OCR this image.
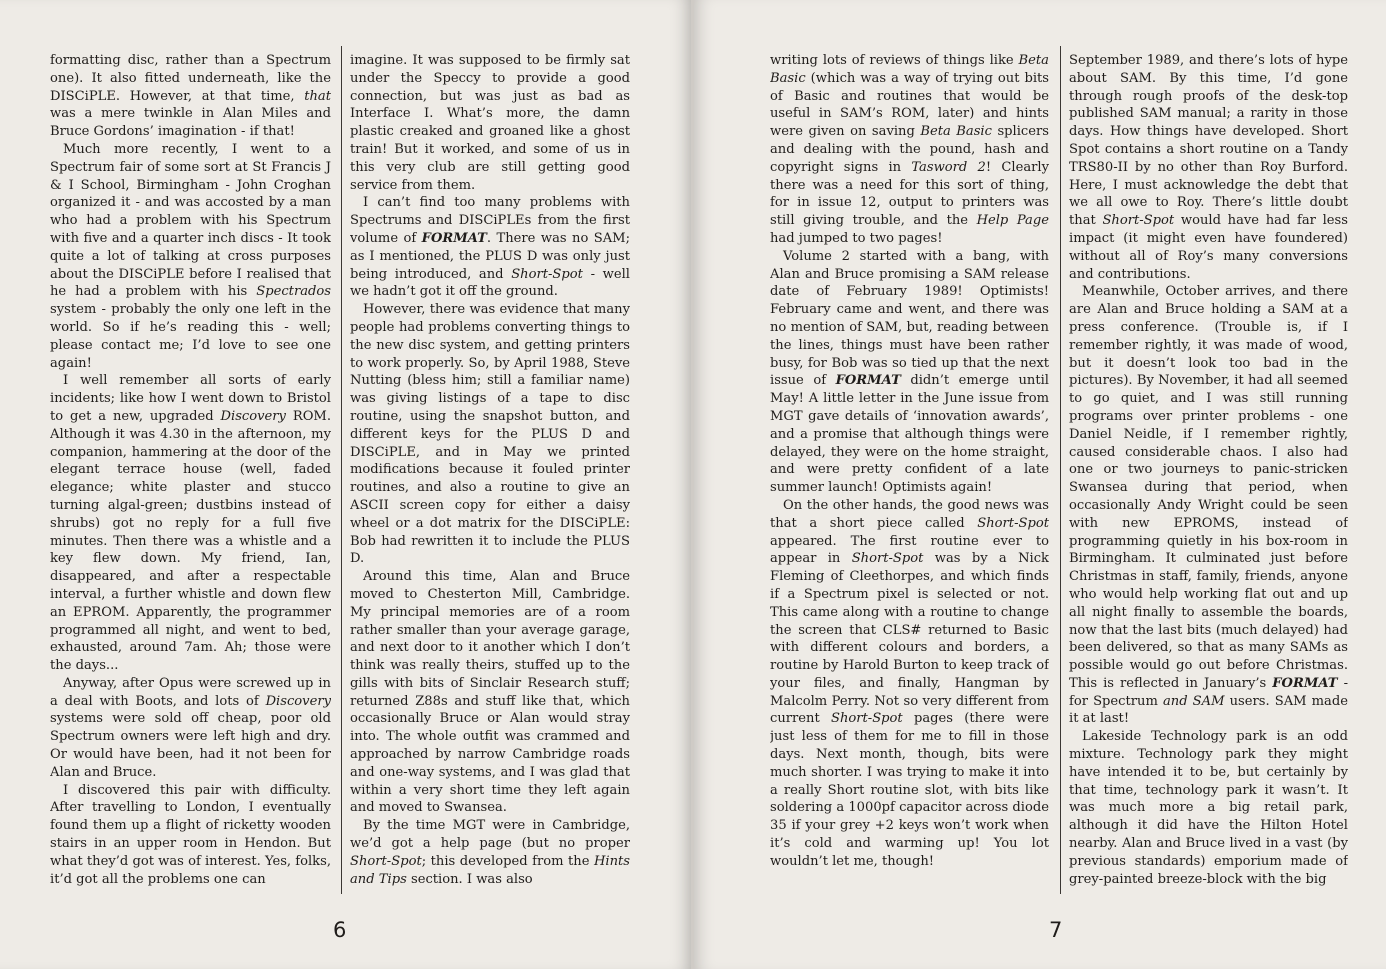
formatting disc, rather than a Spectrum one). It also fitted underneath, like the DISCiPLE. However, at that time, that was a mere twinkle in Alan Miles and Bruce Gordons’ imagination - if that!

Much more recently, I went to a Spectrum fair of some sort at St Francis J & I School, Birmingham - John Croghan organized it - and was accosted by a man who had a problem with his Spectrum with five and a quarter inch discs - It took quite a lot of talking at cross purposes about the DISCiPLE before I realised that he had a problem with his Spectrados system - probably the only one left in the world. So if he’s reading this - well; please contact me; I’d love to see one again!

I well remember all sorts of early incidents; like how I went down to Bristol to get a new, upgraded Discovery ROM. Although it was 4.30 in the afternoon, my companion, hammering at the door of the elegant terrace house (well, faded elegance; white plaster and stucco turning algal-green; dustbins instead of shrubs) got no reply for a full five minutes. Then there was a whistle and a key flew down. My friend, Ian, disappeared, and after a respectable interval, a further whistle and down flew an EPROM. Apparently, the programmer programmed all night, and went to bed, exhausted, around 7am. Ah; those were the days...

Anyway, after Opus were screwed up in a deal with Boots, and lots of Discovery systems were sold off cheap, poor old Spectrum owners were left high and dry. Or would have been, had it not been for Alan and Bruce.

I discovered this pair with difficulty. After travelling to London, I eventually found them up a flight of ricketty wooden stairs in an upper room in Hendon. But what they’d got was of interest. Yes, folks, it’d got all the problems one can

imagine. It was supposed to be firmly sat under the Speccy to provide a good connection, but was just as bad as Interface I. What’s more, the damn plastic creaked and groaned like a ghost train! But it worked, and some of us in this very club are still getting good service from them.

I can’t find too many problems with Spectrums and DISCiPLEs from the first volume of FORMAT. There was no SAM; as I mentioned, the PLUS D was only just being introduced, and Short-Spot - well we hadn’t got it off the ground.

However, there was evidence that many people had problems converting things to the new disc system, and getting printers to work properly. So, by April 1988, Steve Nutting (bless him; still a familiar name) was giving listings of a tape to disc routine, using the snapshot button, and different keys for the PLUS D and DISCiPLE, and in May we printed modifications because it fouled printer routines, and also a routine to give an ASCII screen copy for either a daisy wheel or a dot matrix for the DISCiPLE: Bob had rewritten it to include the PLUS D.

Around this time, Alan and Bruce moved to Chesterton Mill, Cambridge. My principal memories are of a room rather smaller than your average garage, and next door to it another which I don’t think was really theirs, stuffed up to the gills with bits of Sinclair Research stuff; returned Z88s and stuff like that, which occasionally Bruce or Alan would stray into. The whole outfit was crammed and approached by narrow Cambridge roads and one-way systems, and I was glad that within a very short time they left again and moved to Swansea.

By the time MGT were in Cambridge, we’d got a help page (but no proper Short-Spot; this developed from the Hints and Tips section. I was also

6

writing lots of reviews of things like Beta Basic (which was a way of trying out bits of Basic and routines that would be useful in SAM’s ROM, later) and hints were given on saving Beta Basic splicers and dealing with the pound, hash and copyright signs in Tasword 2! Clearly there was a need for this sort of thing, for in issue 12, output to printers was still giving trouble, and the Help Page had jumped to two pages!

Volume 2 started with a bang, with Alan and Bruce promising a SAM release date of February 1989! Optimists! February came and went, and there was no mention of SAM, but, reading between the lines, things must have been rather busy, for Bob was so tied up that the next issue of FORMAT didn’t emerge until May! A little letter in the June issue from MGT gave details of ‘innovation awards’, and a promise that although things were delayed, they were on the home straight, and were pretty confident of a late summer launch! Optimists again!

On the other hands, the good news was that a short piece called Short-Spot appeared. The first routine ever to appear in Short-Spot was by a Nick Fleming of Cleethorpes, and which finds if a Spectrum pixel is selected or not. This came along with a routine to change the screen that CLS# returned to Basic with different colours and borders, a routine by Harold Burton to keep track of your files, and finally, Hangman by Malcolm Perry. Not so very different from current Short-Spot pages (there were just less of them for me to fill in those days. Next month, though, bits were much shorter. I was trying to make it into a really Short routine slot, with bits like soldering a 1000pf capacitor across diode 35 if your grey +2 keys won’t work when it’s cold and warming up! You lot wouldn’t let me, though!

September 1989, and there’s lots of hype about SAM. By this time, I’d gone through rough proofs of the desk-top published SAM manual; a rarity in those days. How things have developed. Short Spot contains a short routine on a Tandy TRS80-II by no other than Roy Burford. Here, I must acknowledge the debt that we all owe to Roy. There’s little doubt that Short-Spot would have had far less impact (it might even have foundered) without all of Roy’s many conversions and contributions.

Meanwhile, October arrives, and there are Alan and Bruce holding a SAM at a press conference. (Trouble is, if I remember rightly, it was made of wood, but it doesn’t look too bad in the pictures). By November, it had all seemed to go quiet, and I was still running programs over printer problems - one Daniel Neidle, if I remember rightly, caused considerable chaos. I also had one or two journeys to panic-stricken Swansea during that period, when occasionally Andy Wright could be seen with new EPROMS, instead of programming quietly in his box-room in Birmingham. It culminated just before Christmas in staff, family, friends, anyone who would help working flat out and up all night finally to assemble the boards, now that the last bits (much delayed) had been delivered, so that as many SAMs as possible would go out before Christmas. This is reflected in January’s FORMAT - for Spectrum and SAM users. SAM made it at last!

Lakeside Technology park is an odd mixture. Technology park they might have intended it to be, but certainly by that time, technology park it wasn’t. It was much more a big retail park, although it did have the Hilton Hotel nearby. Alan and Bruce lived in a vast (by previous standards) emporium made of grey-painted breeze-block with the big

7
